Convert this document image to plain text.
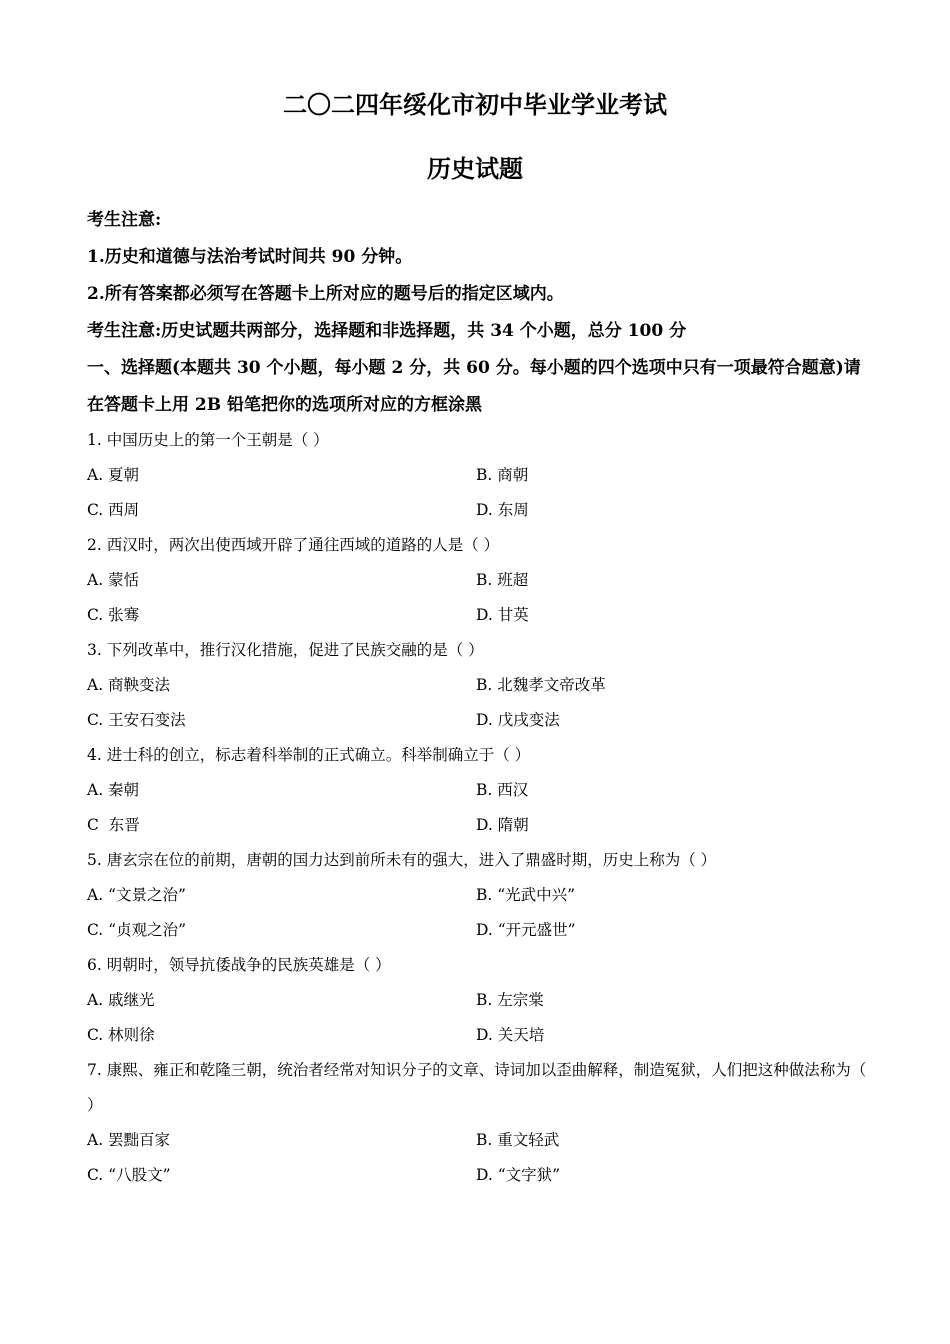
二〇二四年绥化市初中毕业学业考试
历史试题
考生注意:
1.历史和道德与法治考试时间共 90 分钟。
2.所有答案都必须写在答题卡上所对应的题号后的指定区域内。
考生注意:历史试题共两部分，选择题和非选择题，共 34 个小题，总分 100 分
一、选择题(本题共 30 个小题，每小题 2 分，共 60 分。每小题的四个选项中只有一项最符合题意)请在答题卡上用 2B 铅笔把你的选项所对应的方框涂黑
1. 中国历史上的第一个王朝是（ ）
A. 夏朝	B. 商朝
C. 西周	D. 东周
2. 西汉时，两次出使西域开辟了通往西域的道路的人是（ ）
A. 蒙恬	B. 班超
C. 张骞	D. 甘英
3. 下列改革中，推行汉化措施，促进了民族交融的是（ ）
A. 商鞅变法	B. 北魏孝文帝改革
C. 王安石变法	D. 戊戌变法
4. 进士科的创立，标志着科举制的正式确立。科举制确立于（ ）
A. 秦朝	B. 西汉
C  东晋	D. 隋朝
5. 唐玄宗在位的前期，唐朝的国力达到前所未有的强大，进入了鼎盛时期，历史上称为（ ）
A. “文景之治”	B. “光武中兴”
C. “贞观之治”	D. “开元盛世”
6. 明朝时，领导抗倭战争的民族英雄是（ ）
A. 戚继光	B. 左宗棠
C. 林则徐	D. 关天培
7. 康熙、雍正和乾隆三朝，统治者经常对知识分子的文章、诗词加以歪曲解释，制造冤狱，人们把这种做法称为（ ）
A. 罢黜百家	B. 重文轻武
C. “八股文”	D. “文字狱”
